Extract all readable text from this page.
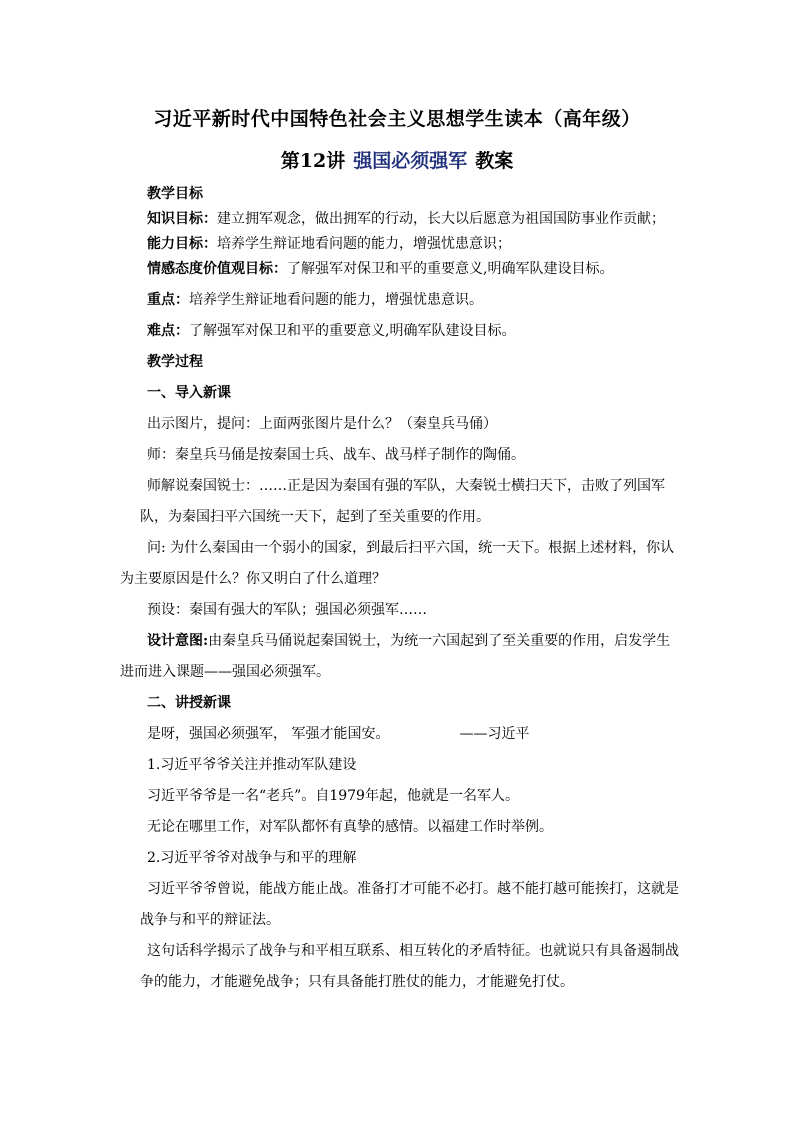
习近平新时代中国特色社会主义思想学生读本（高年级）
第12讲 强国必须强军 教案
教学目标
知识目标：建立拥军观念，做出拥军的行动，长大以后愿意为祖国国防事业作贡献；
能力目标：培养学生辩证地看问题的能力，增强忧患意识；
情感态度价值观目标：了解强军对保卫和平的重要意义,明确军队建设目标。
重点：培养学生辩证地看问题的能力，增强忧患意识。
难点：了解强军对保卫和平的重要意义,明确军队建设目标。
教学过程
一、导入新课
出示图片，提问：上面两张图片是什么？（秦皇兵马俑）
师：秦皇兵马俑是按秦国士兵、战车、战马样子制作的陶俑。
师解说秦国锐士：……正是因为秦国有强的军队，大秦锐士横扫天下，击败了列国军
队，为秦国扫平六国统一天下，起到了至关重要的作用。
问: 为什么秦国由一个弱小的国家，到最后扫平六国，统一天下。根据上述材料，你认
为主要原因是什么？你又明白了什么道理？
预设：秦国有强大的军队；强国必须强军……
设计意图:由秦皇兵马俑说起秦国锐士，为统一六国起到了至关重要的作用，启发学生
进而进入课题——强国必须强军。
二、讲授新课
是呀，强国必须强军， 军强才能国安。	——习近平
1.习近平爷爷关注并推动军队建设
习近平爷爷是一名“老兵”。自1979年起，他就是一名军人。
无论在哪里工作，对军队都怀有真挚的感情。以福建工作时举例。
2.习近平爷爷对战争与和平的理解
习近平爷爷曾说，能战方能止战。准备打才可能不必打。越不能打越可能挨打，这就是
战争与和平的辩证法。
这句话科学揭示了战争与和平相互联系、相互转化的矛盾特征。也就说只有具备遏制战
争的能力，才能避免战争；只有具备能打胜仗的能力，才能避免打仗。
